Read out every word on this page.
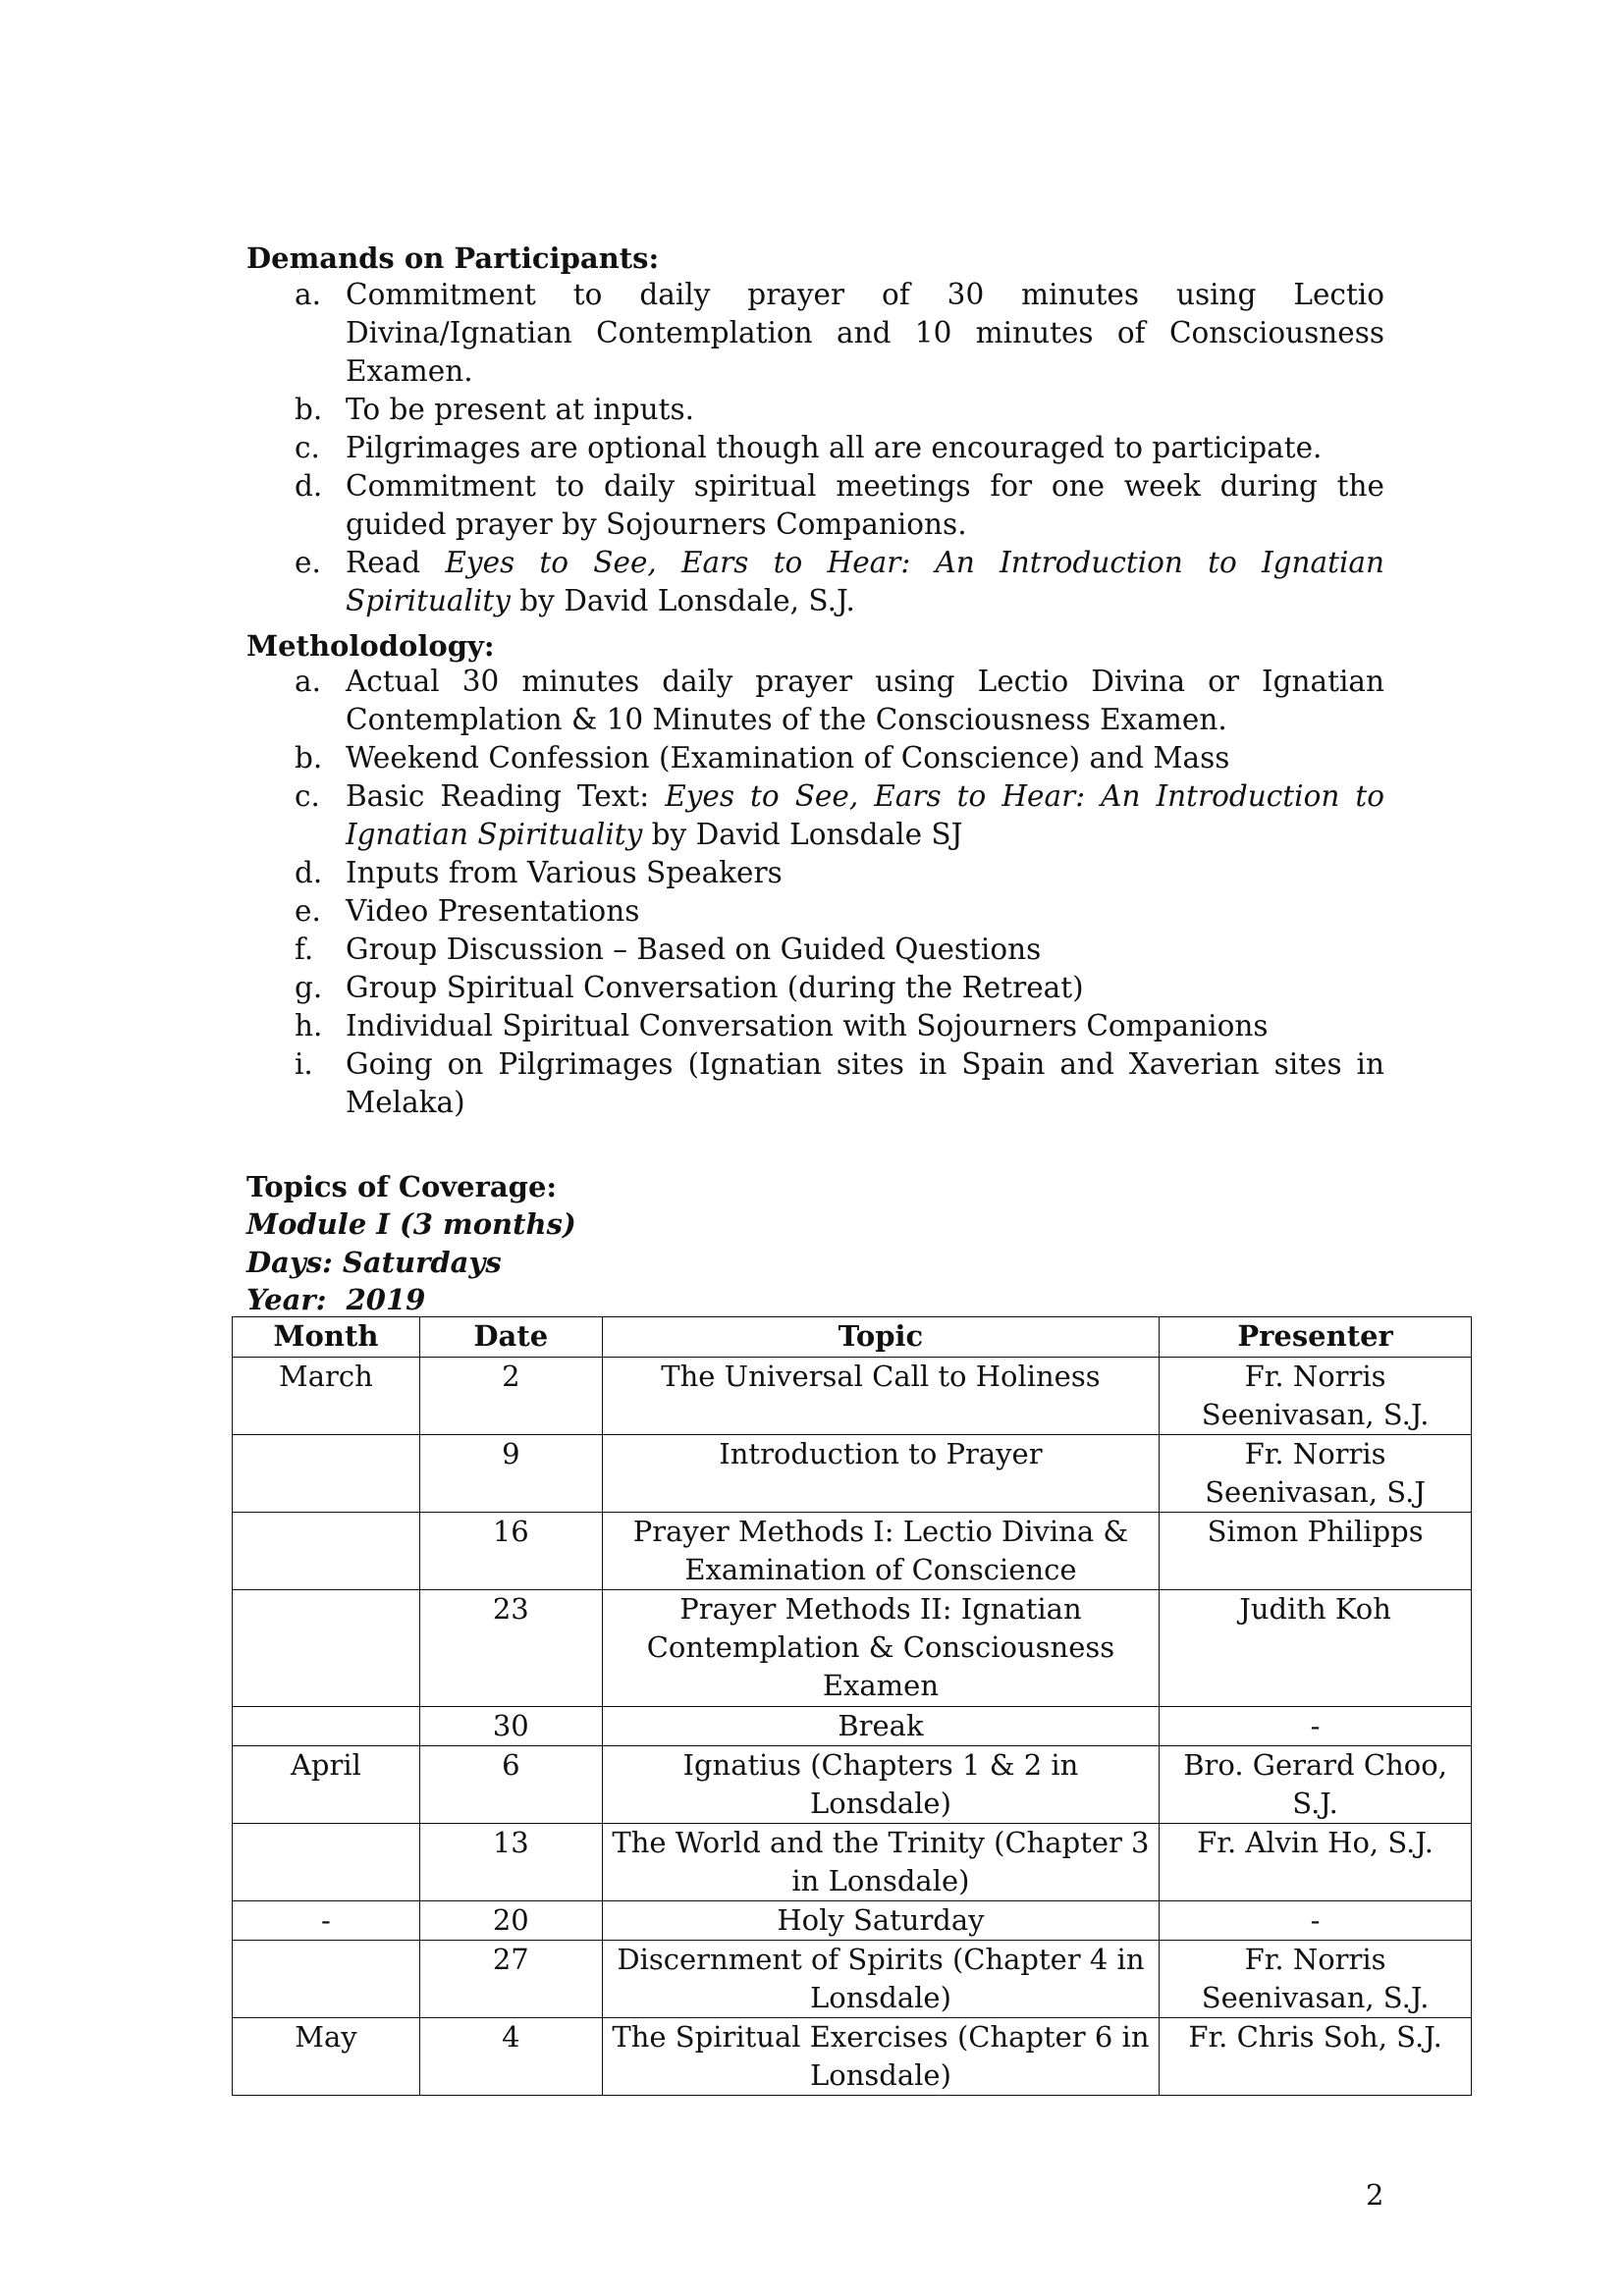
Demands on Participants:
a. Commitment to daily prayer of 30 minutes using Lectio Divina/Ignatian Contemplation and 10 minutes of Consciousness Examen.
b. To be present at inputs.
c. Pilgrimages are optional though all are encouraged to participate.
d. Commitment to daily spiritual meetings for one week during the guided prayer by Sojourners Companions.
e. Read Eyes to See, Ears to Hear: An Introduction to Ignatian Spirituality by David Lonsdale, S.J.
Metholodology:
a. Actual 30 minutes daily prayer using Lectio Divina or Ignatian Contemplation & 10 Minutes of the Consciousness Examen.
b. Weekend Confession (Examination of Conscience) and Mass
c. Basic Reading Text: Eyes to See, Ears to Hear: An Introduction to Ignatian Spirituality by David Lonsdale SJ
d. Inputs from Various Speakers
e. Video Presentations
f. Group Discussion – Based on Guided Questions
g. Group Spiritual Conversation (during the Retreat)
h. Individual Spiritual Conversation with Sojourners Companions
i. Going on Pilgrimages (Ignatian sites in Spain and Xaverian sites in Melaka)
Topics of Coverage:

Module I (3 months)

Days: Saturdays

Year:  2019

Month	Date	Topic	Presenter
March	2	The Universal Call to Holiness	Fr. Norris Seenivasan, S.J.
	9	Introduction to Prayer	Fr. Norris Seenivasan, S.J
	16	Prayer Methods I: Lectio Divina & Examination of Conscience	Simon Philipps
	23	Prayer Methods II: Ignatian Contemplation & Consciousness Examen	Judith Koh
	30	Break	-
April	6	Ignatius (Chapters 1 & 2 in Lonsdale)	Bro. Gerard Choo, S.J.
	13	The World and the Trinity (Chapter 3 in Lonsdale)	Fr. Alvin Ho, S.J.
-	20	Holy Saturday	-
	27	Discernment of Spirits (Chapter 4 in Lonsdale)	Fr. Norris Seenivasan, S.J.
May	4	The Spiritual Exercises (Chapter 6 in Lonsdale)	Fr. Chris Soh, S.J.
2
